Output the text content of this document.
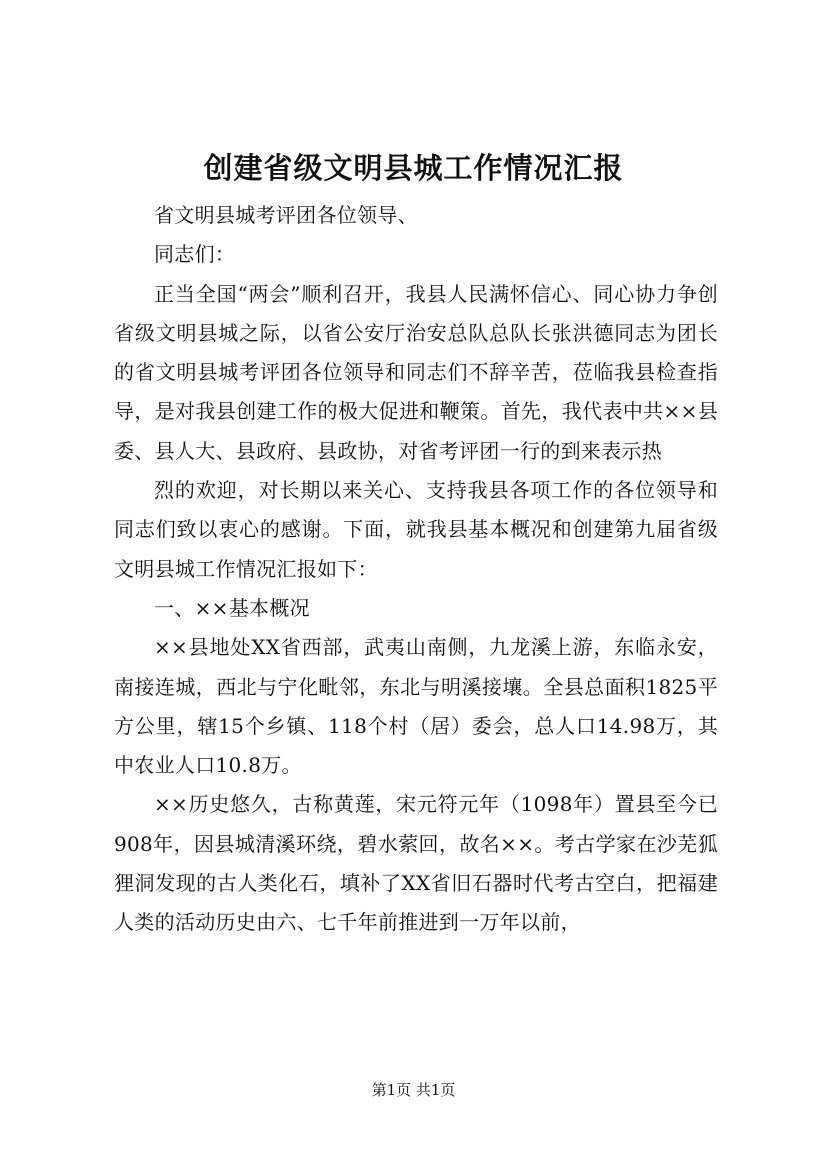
创建省级文明县城工作情况汇报

省文明县城考评团各位领导、

同志们：

正当全国“两会”顺利召开，我县人民满怀信心、同心协力争创省级文明县城之际，以省公安厅治安总队总队长张洪德同志为团长的省文明县城考评团各位领导和同志们不辞辛苦，莅临我县检查指导，是对我县创建工作的极大促进和鞭策。首先，我代表中共××县委、县人大、县政府、县政协，对省考评团一行的到来表示热

烈的欢迎，对长期以来关心、支持我县各项工作的各位领导和同志们致以衷心的感谢。下面，就我县基本概况和创建第九届省级文明县城工作情况汇报如下：

一、××基本概况

××县地处XX省西部，武夷山南侧，九龙溪上游，东临永安，南接连城，西北与宁化毗邻，东北与明溪接壤。全县总面积1825平方公里，辖15个乡镇、118个村（居）委会，总人口14.98万，其中农业人口10.8万。

××历史悠久，古称黄莲，宋元符元年（1098年）置县至今已908年，因县城清溪环绕，碧水萦回，故名××。考古学家在沙芜狐狸洞发现的古人类化石，填补了XX省旧石器时代考古空白，把福建人类的活动历史由六、七千年前推进到一万年以前，

第1页 共1页
